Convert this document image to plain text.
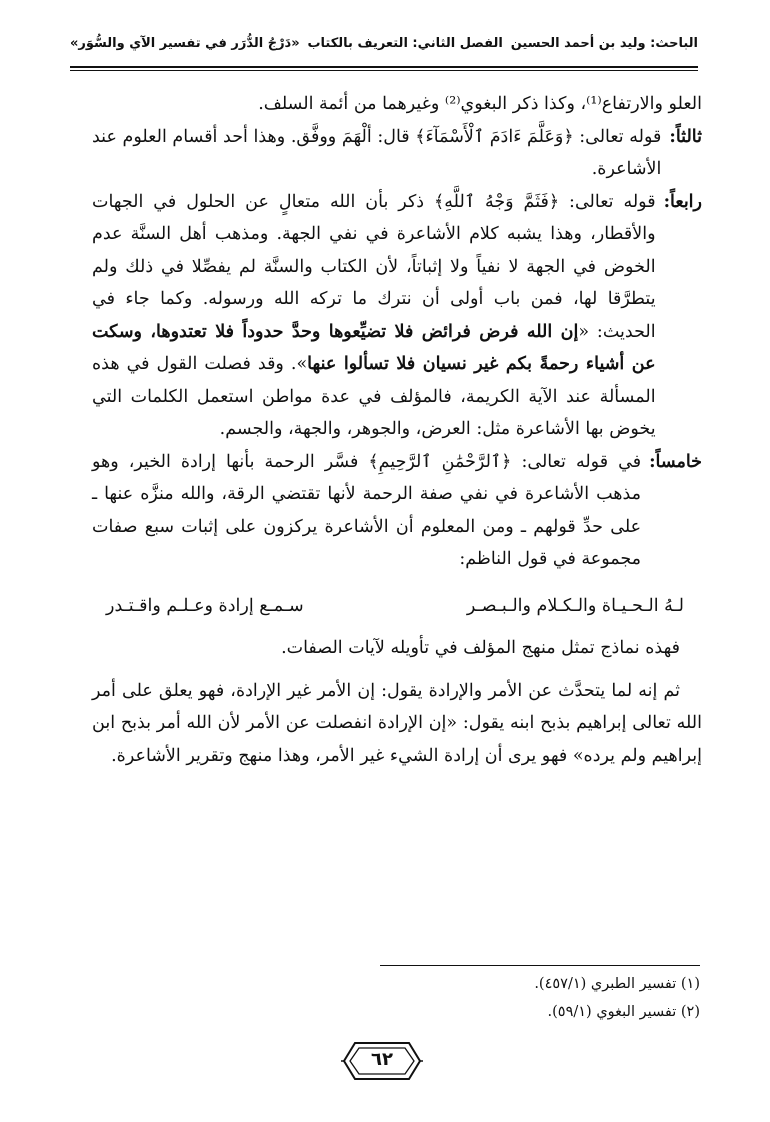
الباحث: وليد بن أحمد الحسين
الفصل الثاني: التعريف بالكتاب
«دَرْجُ الدُّرَر في تفسير الآي والسُّوَر»

العلو والارتفاع⁽¹⁾، وكذا ذكر البغوي⁽²⁾ وغيرهما من أئمة السلف.

ثالثاً:
قوله تعالى: ﴿وَعَلَّمَ ءَادَمَ ٱلْأَسْمَآءَ﴾ قال: ألْهَمَ ووفَّق. وهذا أحد أقسام العلوم عند الأشاعرة.
رابعاً:
قوله تعالى: ﴿فَثَمَّ وَجْهُ ٱللَّهِ﴾ ذكر بأن الله متعالٍ عن الحلول في الجهات والأقطار، وهذا يشبه كلام الأشاعرة في نفي الجهة. ومذهب أهل السنَّة عدم الخوض في الجهة لا نفياً ولا إثباتاً، لأن الكتاب والسنَّة لم يفصِّلا في ذلك ولم يتطرَّقا لها، فمن باب أولى أن نترك ما تركه الله ورسوله. وكما جاء في الحديث: «إن الله فرض فرائض فلا تضيِّعوها وحدَّ حدوداً فلا تعتدوها، وسكت عن أشياء رحمةً بكم غير نسيان فلا تسألوا عنها». وقد فصلت القول في هذه المسألة عند الآية الكريمة، فالمؤلف في عدة مواطن استعمل الكلمات التي يخوض بها الأشاعرة مثل: العرض، والجوهر، والجهة، والجسم.
خامساً:
في قوله تعالى: ﴿ٱلرَّحْمَٰنِ ٱلرَّحِيمِ﴾ فسَّر الرحمة بأنها إرادة الخير، وهو مذهب الأشاعرة في نفي صفة الرحمة لأنها تقتضي الرقة، والله منزَّه عنها ـ على حدِّ قولهم ـ ومن المعلوم أن الأشاعرة يركزون على إثبات سبع صفات مجموعة في قول الناظم:
لـهُ الـحـيـاة والـكـلام والـبـصـر
سـمـع إرادة وعـلـم واقـتـدر

فهذه نماذج تمثل منهج المؤلف في تأويله لآيات الصفات.

ثم إنه لما يتحدَّث عن الأمر والإرادة يقول: إن الأمر غير الإرادة، فهو يعلق على أمر الله تعالى إبراهيم بذبح ابنه يقول: «إن الإرادة انفصلت عن الأمر لأن الله أمر بذبح ابن إبراهيم ولم يرده» فهو يرى أن إرادة الشيء غير الأمر، وهذا منهج وتقرير الأشاعرة.

(١) تفسير الطبري (٤٥٧/١).
(٢) تفسير البغوي (٥٩/١).
٦٢
